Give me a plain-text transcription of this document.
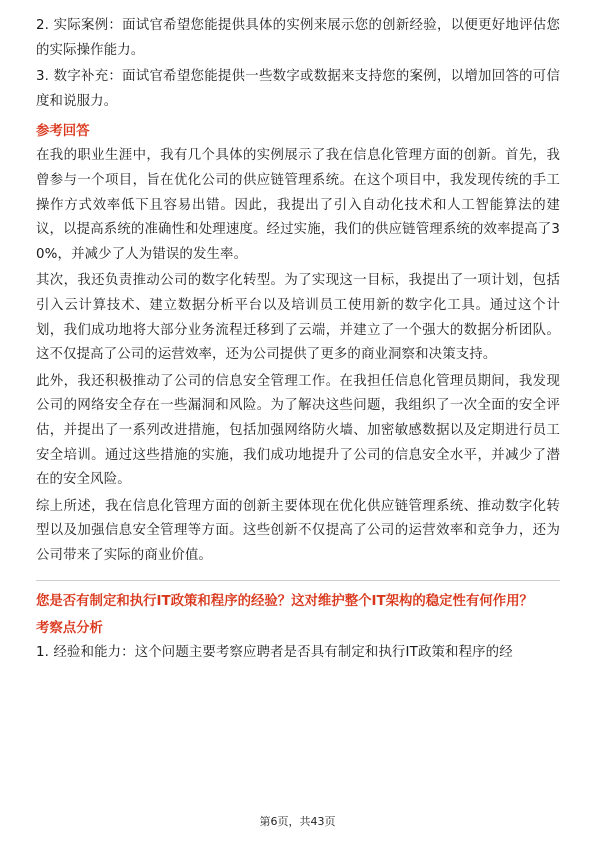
2. 实际案例：面试官希望您能提供具体的实例来展示您的创新经验，以便更好地评估您的实际操作能力。

3. 数字补充：面试官希望您能提供一些数字或数据来支持您的案例，以增加回答的可信度和说服力。

参考回答

在我的职业生涯中，我有几个具体的实例展示了我在信息化管理方面的创新。首先，我曾参与一个项目，旨在优化公司的供应链管理系统。在这个项目中，我发现传统的手工操作方式效率低下且容易出错。因此，我提出了引入自动化技术和人工智能算法的建议，以提高系统的准确性和处理速度。经过实施，我们的供应链管理系统的效率提高了30%，并减少了人为错误的发生率。

其次，我还负责推动公司的数字化转型。为了实现这一目标，我提出了一项计划，包括引入云计算技术、建立数据分析平台以及培训员工使用新的数字化工具。通过这个计划，我们成功地将大部分业务流程迁移到了云端，并建立了一个强大的数据分析团队。这不仅提高了公司的运营效率，还为公司提供了更多的商业洞察和决策支持。

此外，我还积极推动了公司的信息安全管理工作。在我担任信息化管理员期间，我发现公司的网络安全存在一些漏洞和风险。为了解决这些问题，我组织了一次全面的安全评估，并提出了一系列改进措施，包括加强网络防火墙、加密敏感数据以及定期进行员工安全培训。通过这些措施的实施，我们成功地提升了公司的信息安全水平，并减少了潜在的安全风险。

综上所述，我在信息化管理方面的创新主要体现在优化供应链管理系统、推动数字化转型以及加强信息安全管理等方面。这些创新不仅提高了公司的运营效率和竞争力，还为公司带来了实际的商业价值。

您是否有制定和执行IT政策和程序的经验？这对维护整个IT架构的稳定性有何作用？

考察点分析

1. 经验和能力：这个问题主要考察应聘者是否具有制定和执行IT政策和程序的经

第6页，共43页
